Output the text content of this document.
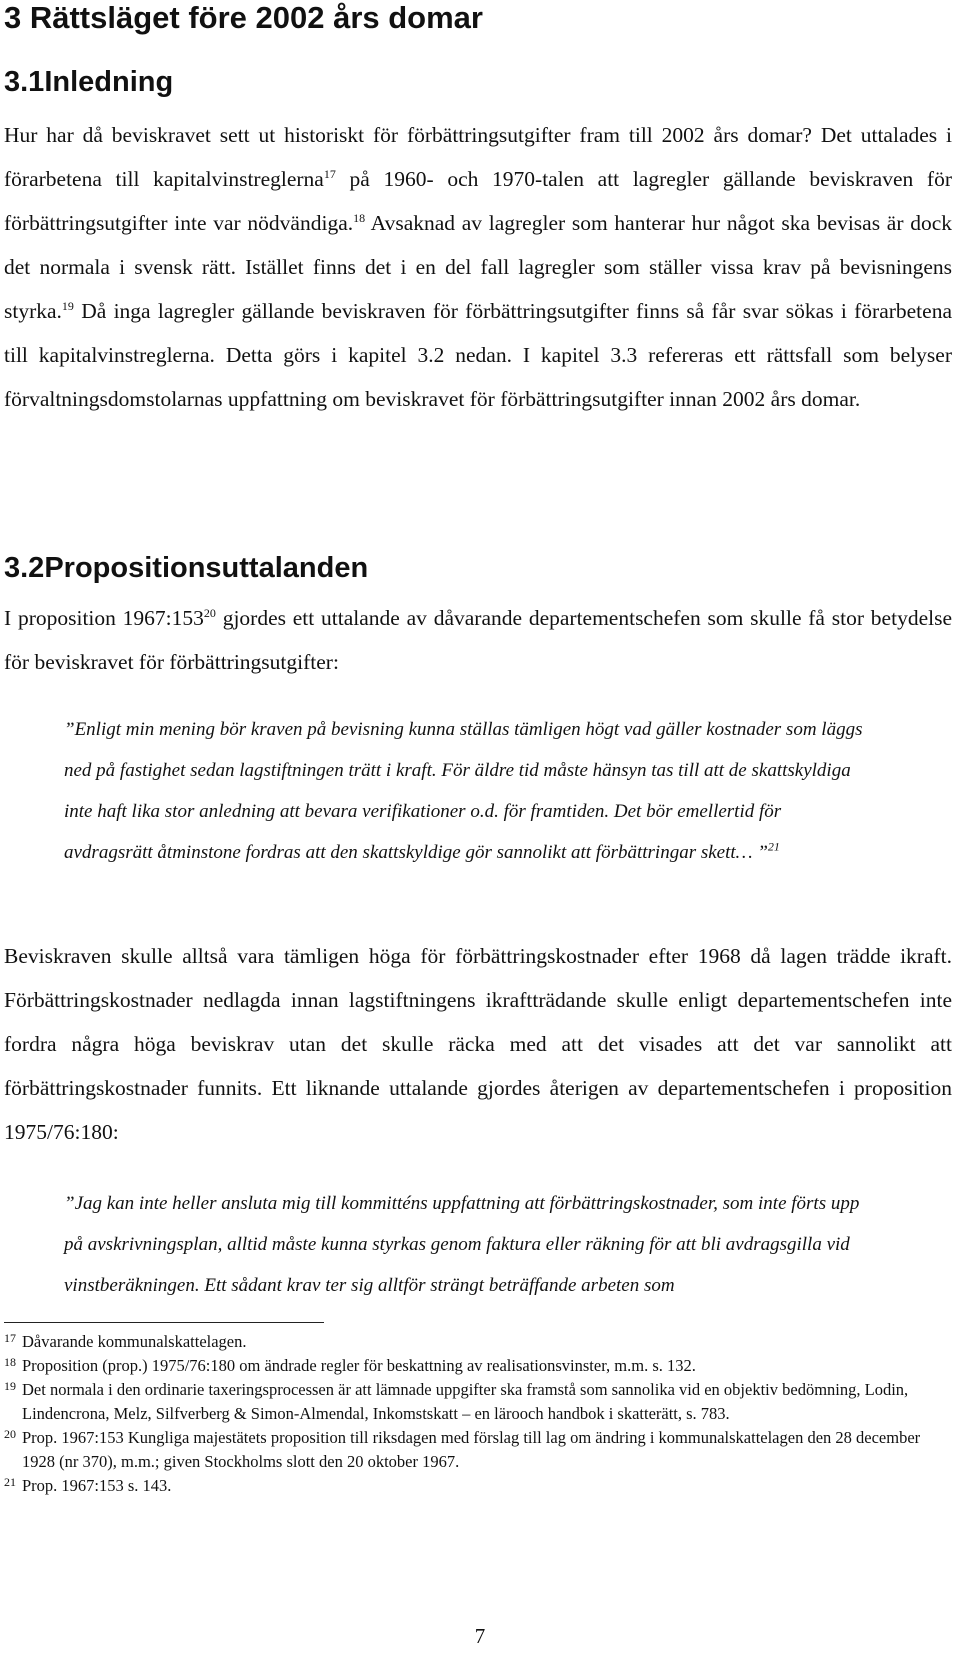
3 Rättsläget före 2002 års domar
3.1Inledning

Hur har då beviskravet sett ut historiskt för förbättringsutgifter fram till 2002 års domar? Det uttalades i förarbetena till kapitalvinstreglerna$^{17}$ på 1960- och 1970-talen att lagregler gällande beviskraven för förbättringsutgifter inte var nödvändiga.$^{18}$ Avsaknad av lagregler som hanterar hur något ska bevisas är dock det normala i svensk rätt. Istället finns det i en del fall lagregler som ställer vissa krav på bevisningens styrka.$^{19}$ Då inga lagregler gällande beviskraven för förbättringsutgifter finns så får svar sökas i förarbetena till kapitalvinstreglerna. Detta görs i kapitel 3.2 nedan. I kapitel 3.3 refereras ett rättsfall som belyser förvaltningsdomstolarnas uppfattning om beviskravet för förbättringsutgifter innan 2002 års domar.

3.2Propositionsuttalanden

I proposition $1967:153^{20}$ gjordes ett uttalande av dåvarande departementschefen som skulle få stor betydelse för beviskravet för förbättringsutgifter:

”Enligt min mening bör kraven på bevisning kunna ställas tämligen högt vad gäller kostnader som läggs ned på fastighet sedan lagstiftningen trätt i kraft. För äldre tid måste hänsyn tas till att de skattskyldiga inte haft lika stor anledning att bevara verifikationer o.d. för framtiden. Det bör emellertid för avdragsrätt åtminstone fordras att den skattskyldige gör sannolikt att förbättringar skett… ”$^{21}$

Beviskraven skulle alltså vara tämligen höga för förbättringskostnader efter 1968 då lagen trädde ikraft. Förbättringskostnader nedlagda innan lagstiftningens ikraftträdande skulle enligt departementschefen inte fordra några höga beviskrav utan det skulle räcka med att det visades att det var sannolikt att förbättringskostnader funnits. Ett liknande uttalande gjordes återigen av departementschefen i proposition 1975/76:180:

”Jag kan inte heller ansluta mig till kommitténs uppfattning att förbättringskostnader, som inte förts upp på avskrivningsplan, alltid måste kunna styrkas genom faktura eller räkning för att bli avdragsgilla vid vinstberäkningen. Ett sådant krav ter sig alltför strängt beträffande arbeten som

17 Dåvarande kommunalskattelagen.

18 Proposition (prop.) 1975/76:180 om ändrade regler för beskattning av realisationsvinster, m.m. s. 132.

19 Det normala i den ordinarie taxeringsprocessen är att lämnade uppgifter ska framstå som sannolika vid en objektiv bedömning, Lodin, Lindencrona, Melz, Silfverberg & Simon-Almendal, Inkomstskatt – en lärooch handbok i skatterätt, s. 783.

20 Prop. 1967:153 Kungliga majestätets proposition till riksdagen med förslag till lag om ändring i kommunalskattelagen den 28 december 1928 (nr 370), m.m.; given Stockholms slott den 20 oktober 1967.

21 Prop. 1967:153 s. 143.

7
